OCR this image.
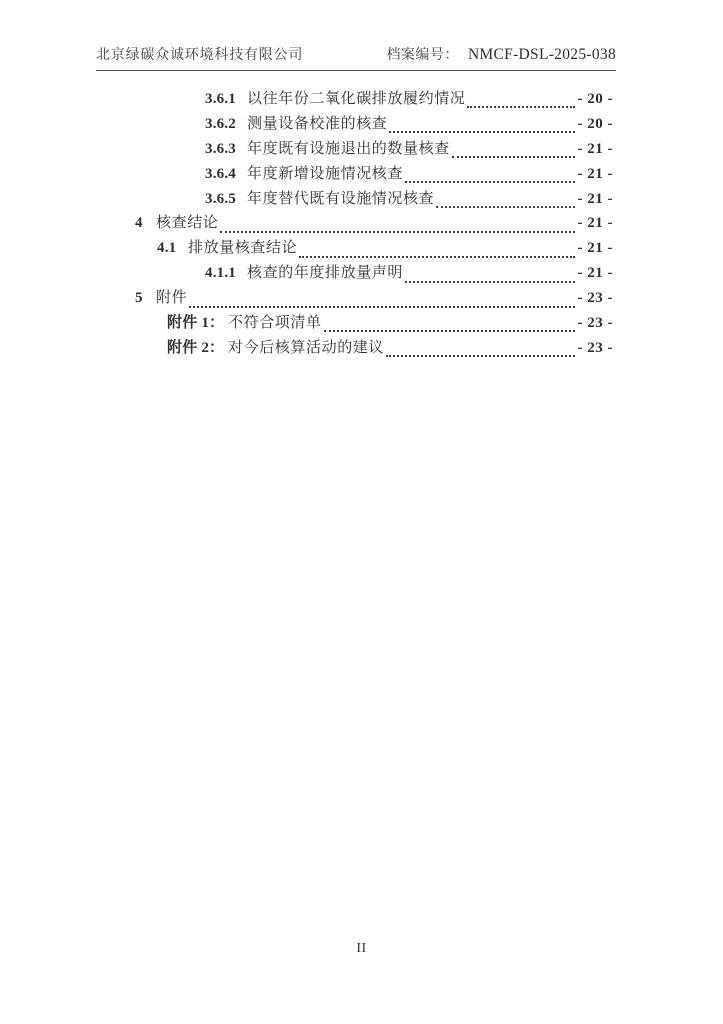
北京绿碳众诚环境科技有限公司	档案编号： NMCF-DSL-2025-038
3.6.1 以往年份二氧化碳排放履约情况	- 20 -
3.6.2 测量设备校准的核查	- 20 -
3.6.3 年度既有设施退出的数量核查	- 21 -
3.6.4 年度新增设施情况核查	- 21 -
3.6.5 年度替代既有设施情况核查	- 21 -
4 核查结论	- 21 -
4.1 排放量核查结论	- 21 -
4.1.1 核查的年度排放量声明	- 21 -
5 附件	- 23 -
附件 1： 不符合项清单	- 23 -
附件 2： 对今后核算活动的建议	- 23 -
II
